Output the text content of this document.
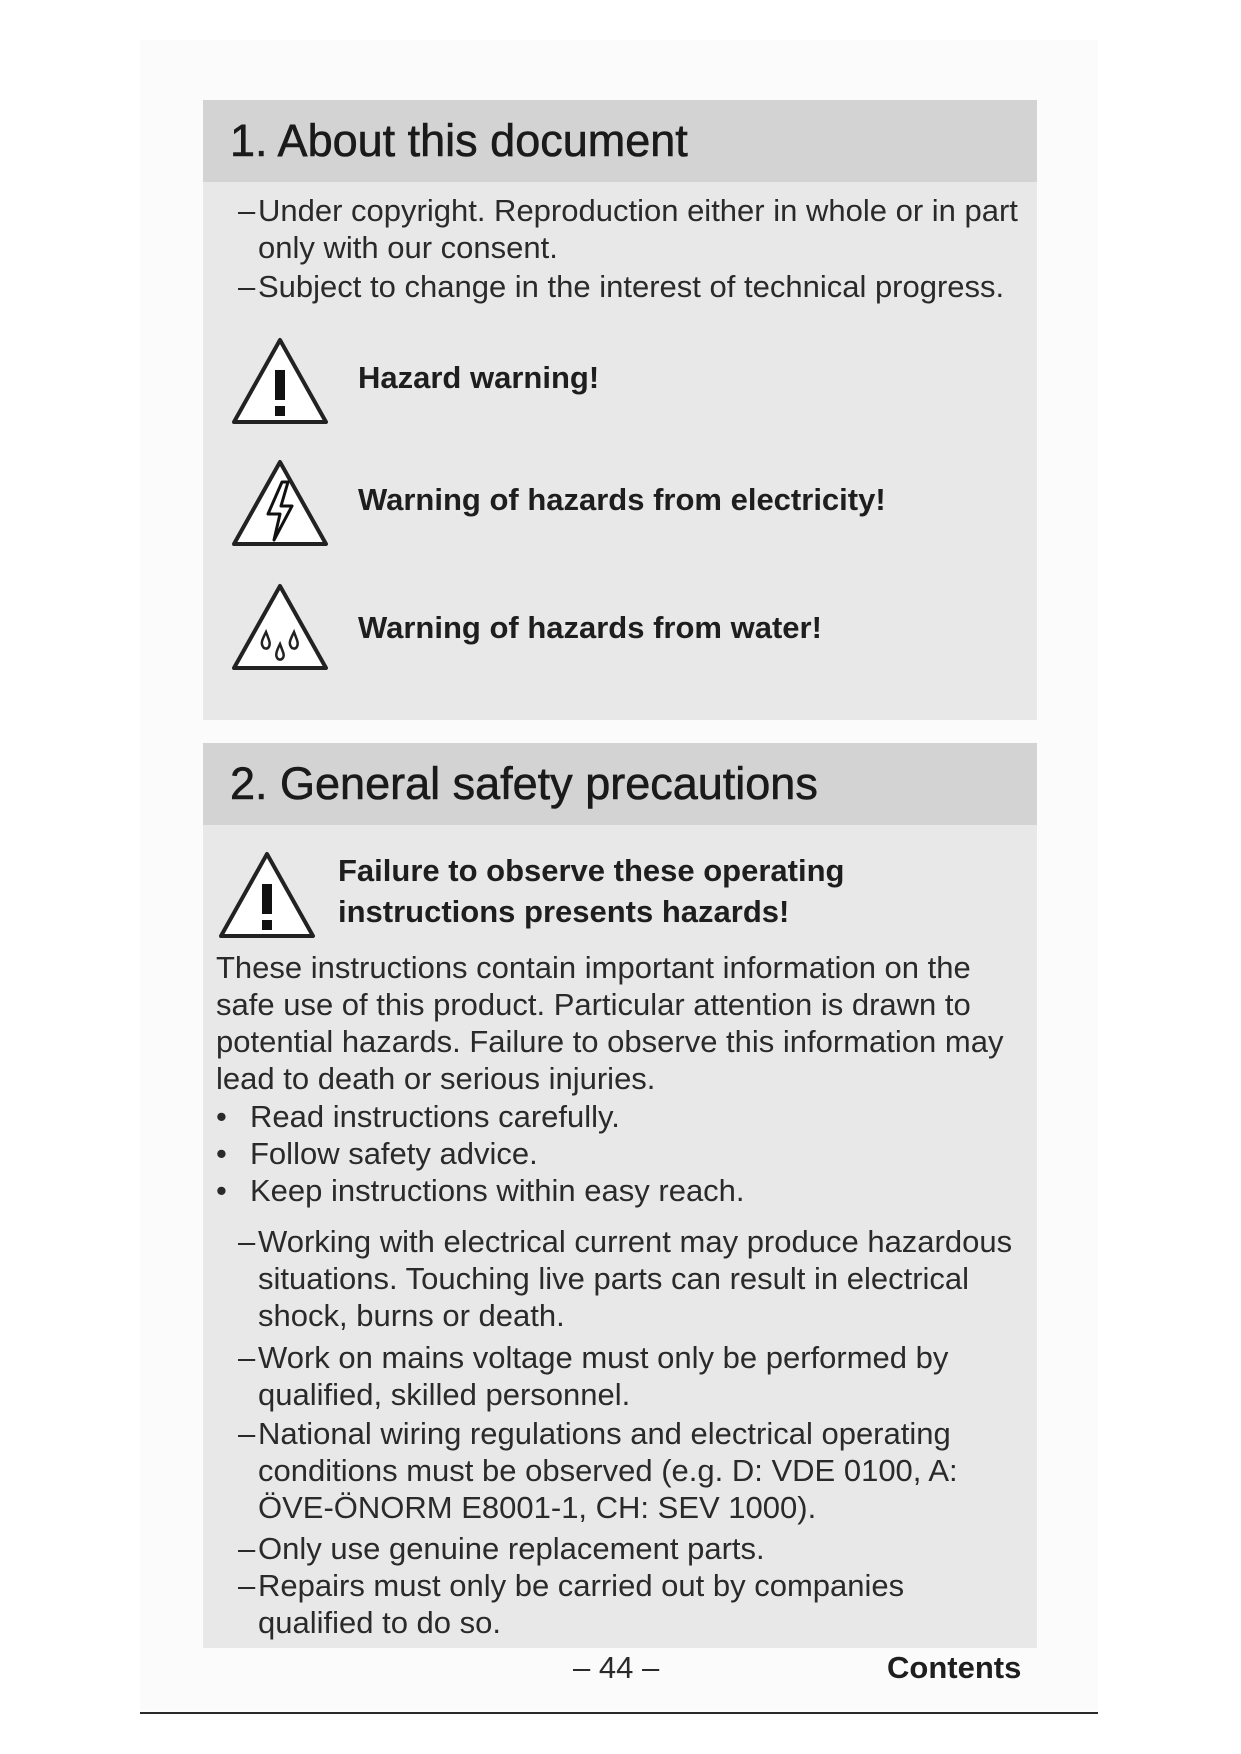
1. About this document
– Under copyright. Reproduction either in whole or in part only with our consent.
– Subject to change in the interest of technical progress.
Hazard warning!
Warning of hazards from electricity!
Warning of hazards from water!
2. General safety precautions
Failure to observe these operating instructions presents hazards!
These instructions contain important information on the safe use of this product. Particular attention is drawn to potential hazards. Failure to observe this information may lead to death or serious injuries.
• Read instructions carefully.
• Follow safety advice.
• Keep instructions within easy reach.
– Working with electrical current may produce hazardous situations. Touching live parts can result in electrical shock, burns or death.
– Work on mains voltage must only be performed by qualified, skilled personnel.
– National wiring regulations and electrical operating conditions must be observed (e.g. D: VDE 0100, A: ÖVE-ÖNORM E8001-1, CH: SEV 1000).
– Only use genuine replacement parts.
– Repairs must only be carried out by companies qualified to do so.
– 44 –	Contents
